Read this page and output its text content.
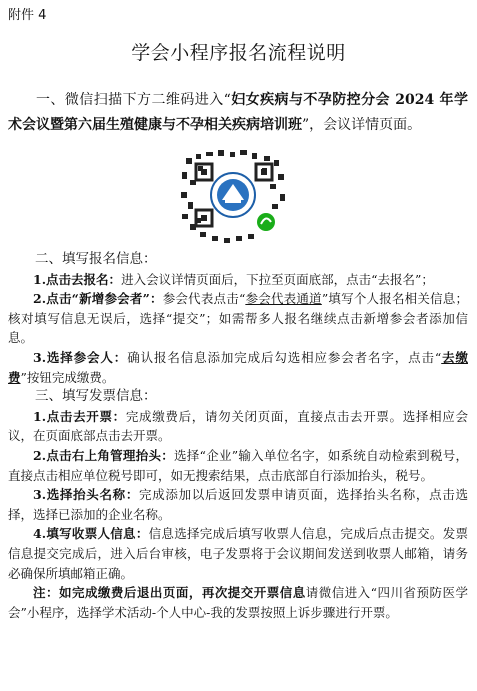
附件 4
学会小程序报名流程说明
一、微信扫描下方二维码进入“妇女疾病与不孕防控分会 2024 年学术会议暨第六届生殖健康与不孕相关疾病培训班”，会议详情页面。

二、填写报名信息：

1.点击去报名：进入会议详情页面后，下拉至页面底部，点击“去报名”；

2.点击“新增参会者”：参会代表点击“参会代表通道”填写个人报名相关信息；核对填写信息无误后，选择“提交”；如需帮多人报名继续点击新增参会者添加信息。

3.选择参会人：确认报名信息添加完成后勾选相应参会者名字，点击“去缴费”按钮完成缴费。

三、填写发票信息：

1.点击去开票：完成缴费后，请勿关闭页面，直接点击去开票。选择相应会议，在页面底部点击去开票。

2.点击右上角管理抬头：选择“企业”输入单位名字，如系统自动检索到税号，直接点击相应单位税号即可，如无搜索结果，点击底部自行添加抬头，税号。

3.选择抬头名称：完成添加以后返回发票申请页面，选择抬头名称，点击选择，选择已添加的企业名称。

4.填写收票人信息：信息选择完成后填写收票人信息，完成后点击提交。发票信息提交完成后，进入后台审核，电子发票将于会议期间发送到收票人邮箱，请务必确保所填邮箱正确。

注：如完成缴费后退出页面，再次提交开票信息请微信进入“四川省预防医学会”小程序，选择学术活动-个人中心-我的发票按照上诉步骤进行开票。
